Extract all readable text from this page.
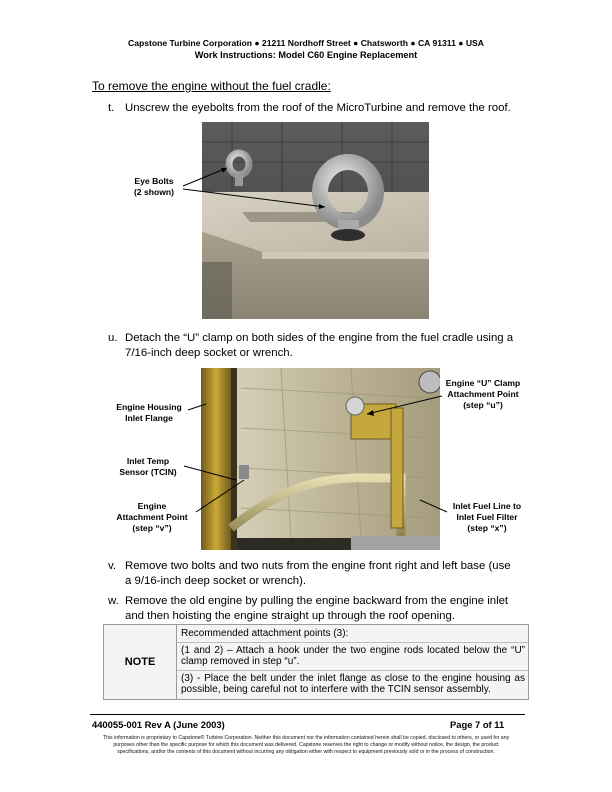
Capstone Turbine Corporation ● 21211 Nordhoff Street ● Chatsworth ● CA 91311 ● USA
Work Instructions: Model C60 Engine Replacement
To remove the engine without the fuel cradle:
t. Unscrew the eyebolts from the roof of the MicroTurbine and remove the roof.
Eye Bolts
(2 shown)
u. Detach the “U” clamp on both sides of the engine from the fuel cradle using a
7/16-inch deep socket or wrench.
Engine Housing
Inlet Flange
Inlet Temp
Sensor (TCIN)
Engine
Attachment Point
(step “v”)
Engine “U” Clamp
Attachment Point
(step “u”)
Inlet Fuel Line to
Inlet Fuel Filter
(step “x”)
v. Remove two bolts and two nuts from the engine front right and left base (use
a 9/16-inch deep socket or wrench).
w. Remove the old engine by pulling the engine backward from the engine inlet
and then hoisting the engine straight up through the roof opening.
NOTE
Recommended attachment points (3):
(1 and 2) – Attach a hook under the two engine rods located below the “U” clamp removed in step “u”.
(3) - Place the belt under the inlet flange as close to the engine housing as possible, being careful not to interfere with the TCIN sensor assembly.
440055-001 Rev A (June 2003)	Page 7 of 11
This information is proprietary to Capstone® Turbine Corporation. Neither this document nor the information contained herein shall be copied, disclosed to others, or used for any
purposes other than the specific purpose for which this document was delivered. Capstone reserves the right to change or modify without notice, the design, the product
specifications, and/or the contents of this document without incurring any obligation either with respect to equipment previously sold or in the process of construction.
